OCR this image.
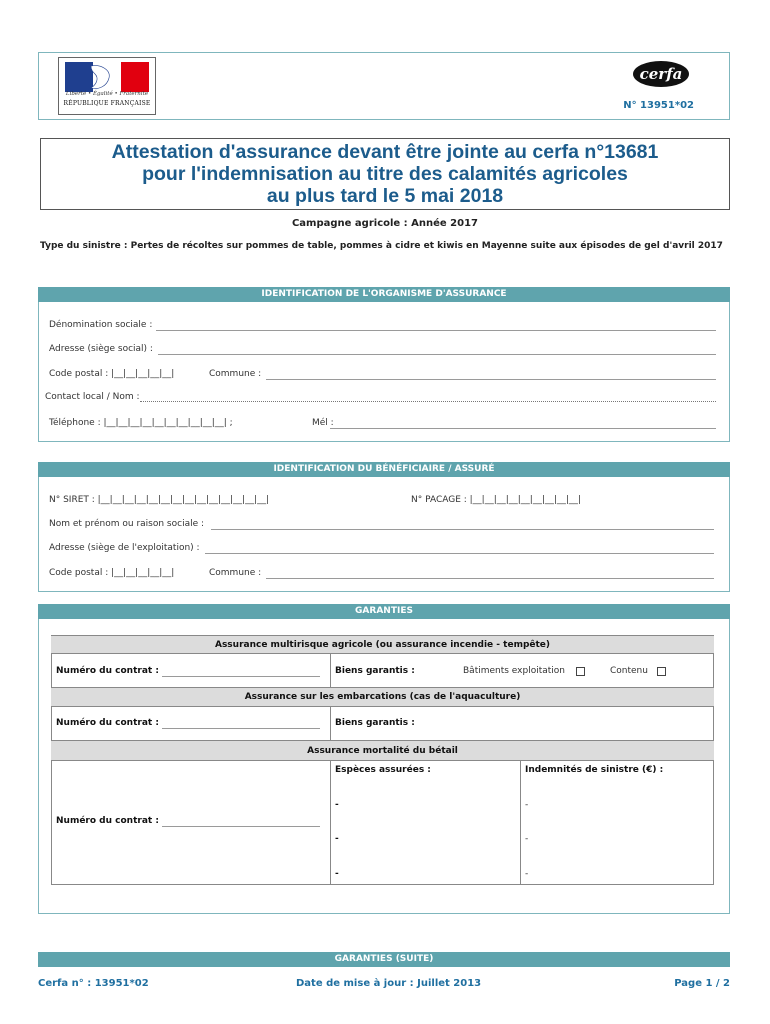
Liberté • Égalité • Fraternité
RÉPUBLIQUE FRANÇAISE
cerfa
N° 13951*02
Attestation d'assurance devant être jointe au cerfa n°13681
pour l'indemnisation au titre des calamités agricoles
au plus tard le 5 mai 2018
Campagne agricole : Année 2017
Type du sinistre : Pertes de récoltes sur pommes de table, pommes à cidre et kiwis en Mayenne suite aux épisodes de gel d'avril 2017
IDENTIFICATION DE L'ORGANISME D'ASSURANCE
Dénomination sociale :
Adresse (siège social) :
Code postal : |__|__|__|__|__|	Commune :
Contact local / Nom :
Téléphone : |__|__|__|__|__|__|__|__|__|__| ;	Mél :
IDENTIFICATION DU BÉNÉFICIAIRE / ASSURÉ
N° SIRET : |__|__|__|__|__|__|__|__|__|__|__|__|__|__|	N° PACAGE : |__|__|__|__|__|__|__|__|__|
Nom et prénom ou raison sociale :
Adresse (siège de l'exploitation) :
Code postal : |__|__|__|__|__|	Commune :
GARANTIES
Assurance multirisque agricole (ou assurance incendie - tempête)
Numéro du contrat :	Biens garantis :	Bâtiments exploitation	Contenu
Assurance sur les embarcations (cas de l'aquaculture)
Numéro du contrat :	Biens garantis :
Assurance mortalité du bétail
Numéro du contrat :
Espèces assurées :	Indemnités de sinistre (€) :
-	-
-	-
-	-
GARANTIES (SUITE)
Cerfa n° : 13951*02	Date de mise à jour : Juillet 2013	Page 1 / 2
